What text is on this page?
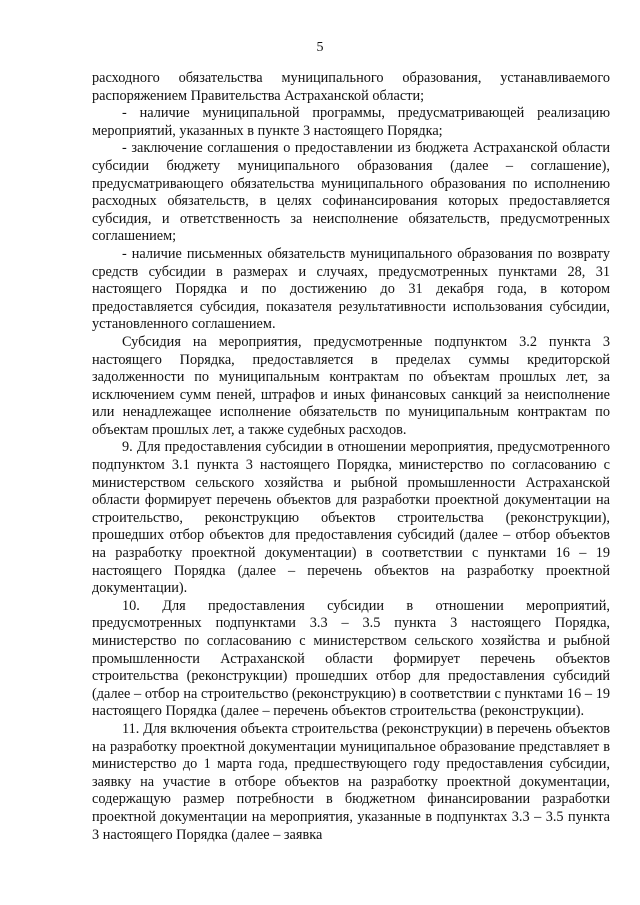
5

расходного обязательства муниципального образования, устанавливаемого распоряжением Правительства Астраханской области;

- наличие муниципальной программы, предусматривающей реализацию мероприятий, указанных в пункте 3 настоящего Порядка;

- заключение соглашения о предоставлении из бюджета Астраханской области субсидии бюджету муниципального образования (далее – соглашение), предусматривающего обязательства муниципального образования по исполнению расходных обязательств, в целях софинансирования которых предоставляется субсидия, и ответственность за неисполнение обязательств, предусмотренных соглашением;

- наличие письменных обязательств муниципального образования по возврату средств субсидии в размерах и случаях, предусмотренных пунктами 28, 31 настоящего Порядка и по достижению до 31 декабря года, в котором предоставляется субсидия, показателя результативности использования субсидии, установленного соглашением.

Субсидия на мероприятия, предусмотренные подпунктом 3.2 пункта 3 настоящего Порядка, предоставляется в пределах суммы кредиторской задолженности по муниципальным контрактам по объектам прошлых лет, за исключением сумм пеней, штрафов и иных финансовых санкций за неисполнение или ненадлежащее исполнение обязательств по муниципальным контрактам по объектам прошлых лет, а также судебных расходов.

9. Для предоставления субсидии в отношении мероприятия, предусмотренного подпунктом 3.1 пункта 3 настоящего Порядка, министерство по согласованию с министерством сельского хозяйства и рыбной промышленности Астраханской области формирует перечень объектов для разработки проектной документации на строительство, реконструкцию объектов строительства (реконструкции), прошедших отбор объектов для предоставления субсидий (далее – отбор объектов на разработку проектной документации) в соответствии с пунктами 16 – 19 настоящего Порядка (далее – перечень объектов на разработку проектной документации).

10. Для предоставления субсидии в отношении мероприятий, предусмотренных подпунктами 3.3 – 3.5 пункта 3 настоящего Порядка, министерство по согласованию с министерством сельского хозяйства и рыбной промышленности Астраханской области формирует перечень объектов строительства (реконструкции) прошедших отбор для предоставления субсидий (далее – отбор на строительство (реконструкцию) в соответствии с пунктами 16 – 19 настоящего Порядка (далее – перечень объектов строительства (реконструкции).

11. Для включения объекта строительства (реконструкции) в перечень объектов на разработку проектной документации муниципальное образование представляет в министерство до 1 марта года, предшествующего году предоставления субсидии, заявку на участие в отборе объектов на разработку проектной документации, содержащую размер потребности в бюджетном финансировании разработки проектной документации на мероприятия, указанные в подпунктах 3.3 – 3.5 пункта 3 настоящего Порядка (далее – заявка
